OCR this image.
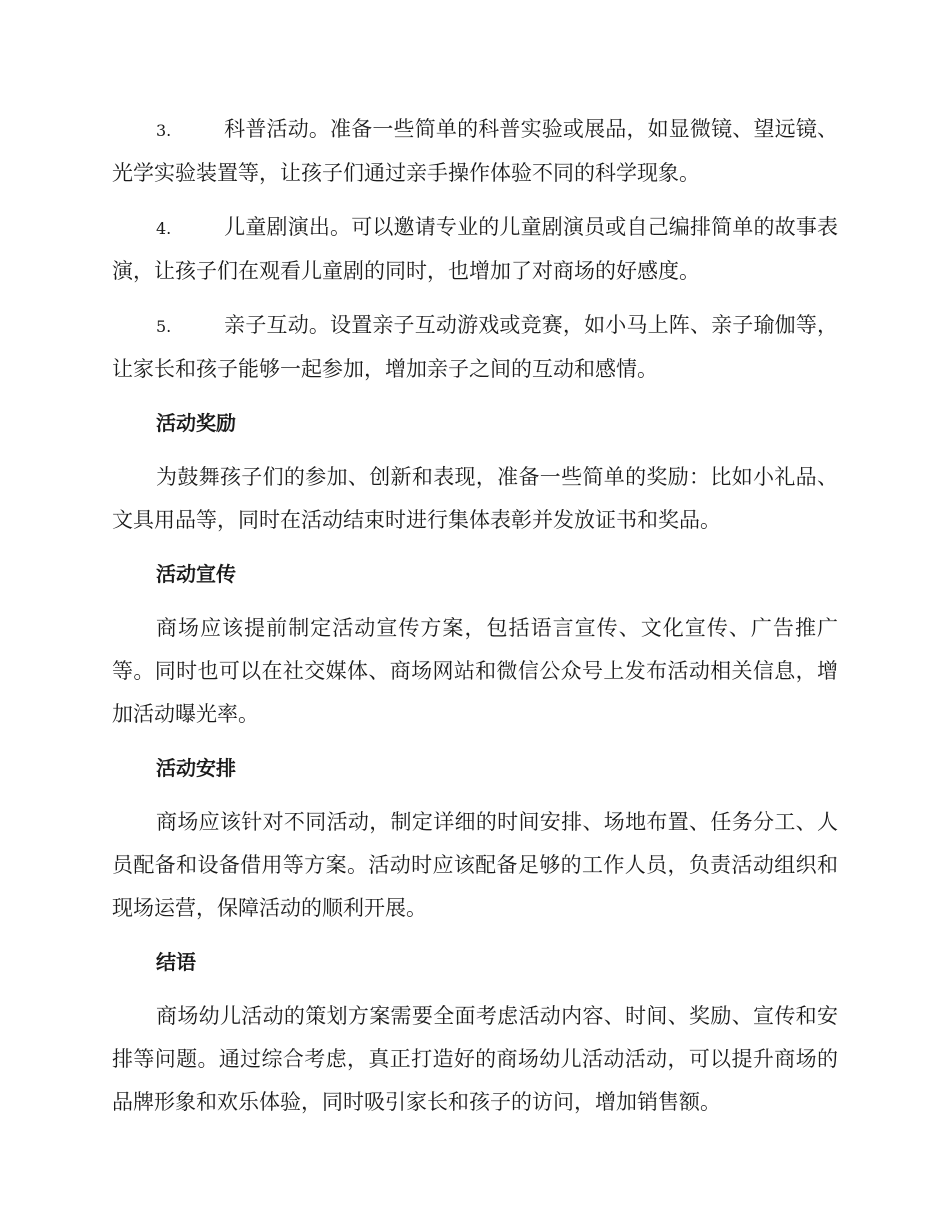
3.	科普活动。准备一些简单的科普实验或展品，如显微镜、望远镜、光学实验装置等，让孩子们通过亲手操作体验不同的科学现象。

4.	儿童剧演出。可以邀请专业的儿童剧演员或自己编排简单的故事表演，让孩子们在观看儿童剧的同时，也增加了对商场的好感度。

5.	亲子互动。设置亲子互动游戏或竞赛，如小马上阵、亲子瑜伽等，让家长和孩子能够一起参加，增加亲子之间的互动和感情。

活动奖励

为鼓舞孩子们的参加、创新和表现，准备一些简单的奖励：比如小礼品、文具用品等，同时在活动结束时进行集体表彰并发放证书和奖品。

活动宣传

商场应该提前制定活动宣传方案，包括语言宣传、文化宣传、广告推广等。同时也可以在社交媒体、商场网站和微信公众号上发布活动相关信息，增加活动曝光率。

活动安排

商场应该针对不同活动，制定详细的时间安排、场地布置、任务分工、人员配备和设备借用等方案。活动时应该配备足够的工作人员，负责活动组织和现场运营，保障活动的顺利开展。

结语

商场幼儿活动的策划方案需要全面考虑活动内容、时间、奖励、宣传和安排等问题。通过综合考虑，真正打造好的商场幼儿活动活动，可以提升商场的品牌形象和欢乐体验，同时吸引家长和孩子的访问，增加销售额。
